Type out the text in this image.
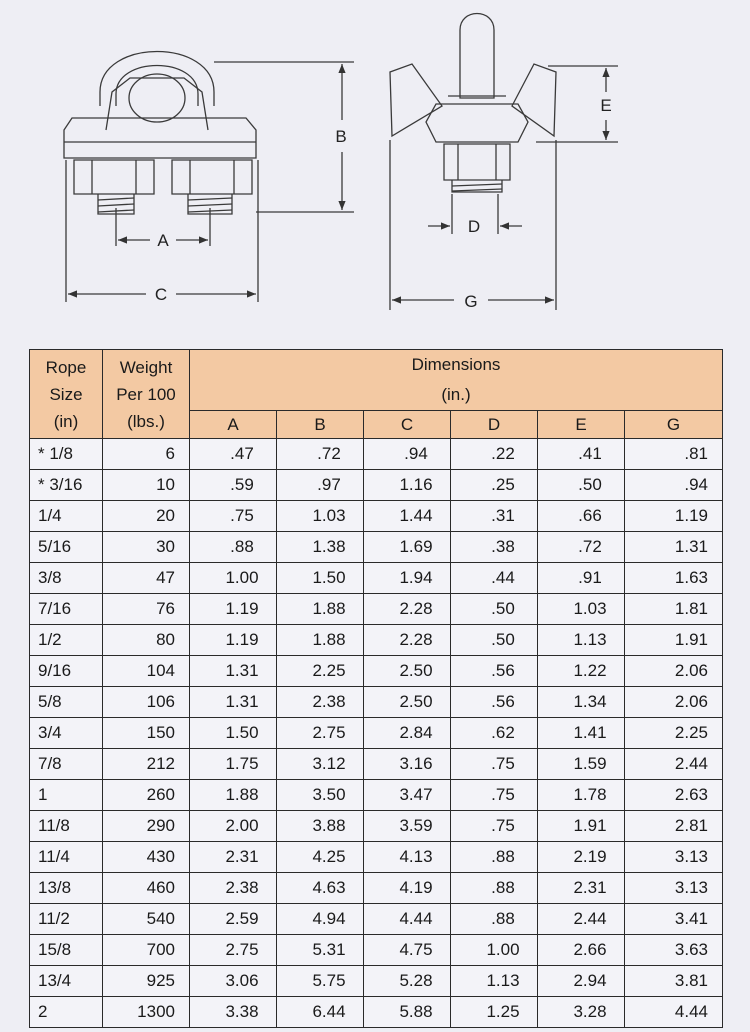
A
C
B
D
E
G
Rope
Size
(in)	Weight
Per 100
(lbs.)	Dimensions
(in.)					

		A	B	C	D	E	G
* 1/8	6	.47	.72	.94	.22	.41	.81
* 3/16	10	.59	.97	1.16	.25	.50	.94
1/4	20	.75	1.03	1.44	.31	.66	1.19
5/16	30	.88	1.38	1.69	.38	.72	1.31
3/8	47	1.00	1.50	1.94	.44	.91	1.63
7/16	76	1.19	1.88	2.28	.50	1.03	1.81
1/2	80	1.19	1.88	2.28	.50	1.13	1.91
9/16	104	1.31	2.25	2.50	.56	1.22	2.06
5/8	106	1.31	2.38	2.50	.56	1.34	2.06
3/4	150	1.50	2.75	2.84	.62	1.41	2.25
7/8	212	1.75	3.12	3.16	.75	1.59	2.44
1	260	1.88	3.50	3.47	.75	1.78	2.63
11/8	290	2.00	3.88	3.59	.75	1.91	2.81
11/4	430	2.31	4.25	4.13	.88	2.19	3.13
13/8	460	2.38	4.63	4.19	.88	2.31	3.13
11/2	540	2.59	4.94	4.44	.88	2.44	3.41
15/8	700	2.75	5.31	4.75	1.00	2.66	3.63
13/4	925	3.06	5.75	5.28	1.13	2.94	3.81
2	1300	3.38	6.44	5.88	1.25	3.28	4.44
